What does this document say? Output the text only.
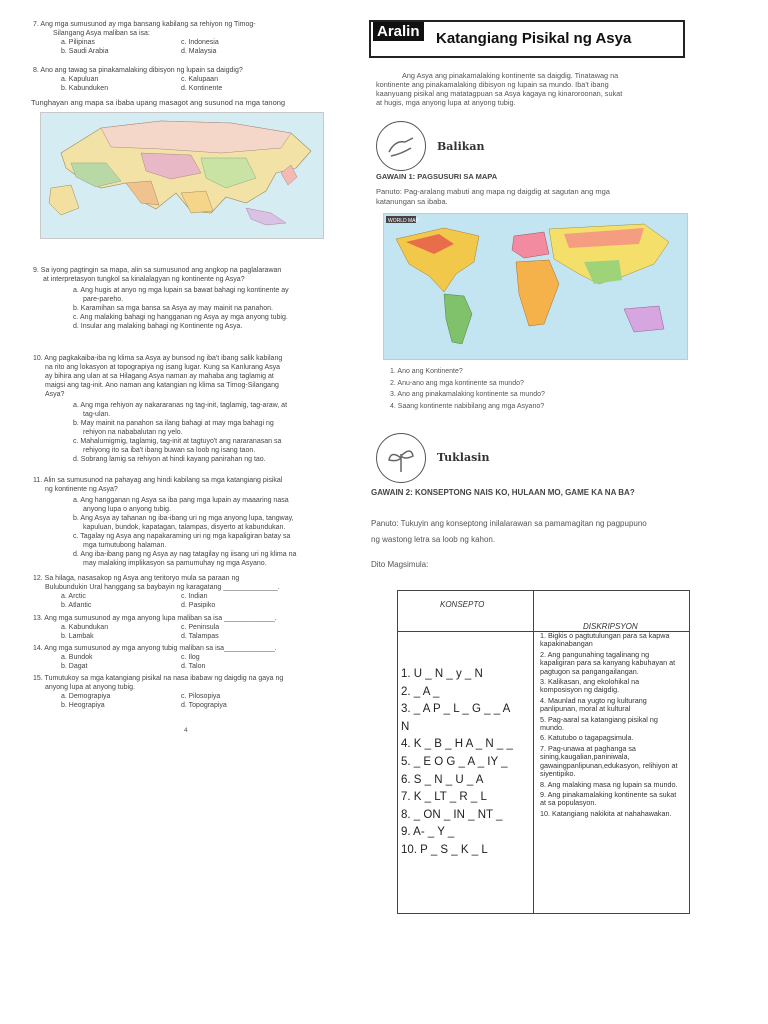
7. Ang mga sumusunod ay mga bansang kabilang sa rehiyon ng Timog-
Silangang Asya maliban sa isa:
a. Pilipinas	c. Indonesia
b. Saudi Arabia	d. Malaysia
8. Ano ang tawag sa pinakamalaking dibisyon ng lupain sa daigdig?
a. Kapuluan	c. Kalupaan
b. Kabunduken	d. Kontinente
Tunghayan ang mapa sa ibaba upang masagot ang susunod na mga tanong
9. Sa iyong pagtingin sa mapa, alin sa sumusunod ang angkop na paglalarawan
at interpretasyon tungkol sa kinalalagyan ng kontinente ng Asya?
a. Ang hugis at anyo ng mga lupain sa bawat bahagi ng kontinente ay
pare-pareho.
b. Karamihan sa mga bansa sa Asya ay may mainit na panahon.
c. Ang malaking bahagi ng hangganan ng Asya ay mga anyong tubig.
d. Insular ang malaking bahagi ng Kontinente ng Asya.
10. Ang pagkakaiba-iba ng klima sa Asya ay bunsod ng iba't ibang salik kabilang
na rito ang lokasyon at topograpiya ng isang lugar. Kung sa Kanlurang Asya
ay bihira ang ulan at sa Hilagang Asya naman ay mahaba ang taglamig at
maigsi ang tag-init. Ano naman ang katangian ng klima sa Timog-Silangang
Asya?
a. Ang mga rehiyon ay nakararanas ng tag-init, taglamig, tag-araw, at
tag-ulan.
b. May mainit na panahon sa ilang bahagi at may mga bahagi ng
rehiyon na nababalutan ng yelo.
c. Mahalumigmig, taglamig, tag-init at tagtuyo't ang nararanasan sa
rehiyong ito sa iba't ibang buwan sa loob ng isang taon.
d. Sobrang lamig sa rehiyon at hindi kayang panirahan ng tao.
11. Alin sa sumusunod na pahayag ang hindi kabilang sa mga katangiang pisikal
ng kontinente ng Asya?
a. Ang hangganan ng Asya sa iba pang mga lupain ay maaaring nasa
anyong lupa o anyong tubig.
b. Ang Asya ay tahanan ng iba-ibang uri ng mga anyong lupa, tangway,
kapuluan, bundok, kapatagan, talampas, disyerto at kabundukan.
c. Tagalay ng Asya ang napakaraming uri ng mga kapaligiran batay sa
mga tumutubong halaman.
d. Ang iba-ibang pang ng Asya ay nag tatagilay ng iisang uri ng klima na
may malaking implikasyon sa pamumuhay ng mga Asyano.
12. Sa hilaga, nasasakop ng Asya ang teritoryo mula sa paraan ng
Bulubundukin Ural hanggang sa baybayin ng karagatang ______________.
a. Arctic	c. Indian
b. Atlantic	d. Pasipiko
13. Ang mga sumusunod ay mga anyong lupa maliban sa isa _____________.
a. Kabundukan	c. Peninsula
b. Lambak	d. Talampas
14. Ang mga sumusunod ay mga anyong tubig maliban sa isa_____________.
a. Bundok	c. Ilog
b. Dagat	d. Talon
15. Tumutukoy sa mga katangiang pisikal na nasa ibabaw ng daigdig na gaya ng
anyong lupa at anyong tubig.
a. Demograpiya	c. Pilosopiya
b. Heograpiya	d. Topograpiya
4
Aralin Katangiang Pisikal ng Asya
Ang Asya ang pinakamalaking kontinente sa daigdig. Tinatawag na
kontinente ang pinakamalaking dibisyon ng lupain sa mundo. Iba't ibang
kaanyuang pisikal ang matatagpuan sa Asya kagaya ng kinaroroonan, sukat
at hugis, mga anyong lupa at anyong tubig.
Balikan
GAWAIN 1: PAGSUSURI SA MAPA
Panuto: Pag-aralang mabuti ang mapa ng daigdig at sagutan ang mga
katanungan sa ibaba.
WORLD MAP
1. Ano ang Kontinente?
2. Anu-ano ang mga kontinente sa mundo?
3. Ano ang pinakamalaking kontinente sa mundo?
4. Saang kontinente nabibilang ang mga Asyano?
Tuklasin
GAWAIN 2: KONSEPTONG NAIS KO, HULAAN MO, GAME KA NA BA?
Panuto: Tukuyin ang konseptong inilalarawan sa pamamagitan ng pagpupuno
ng wastong letra sa loob ng kahon.
Dito Magsimula:
KONSEPTO
DISKRIPSYON
1. U _ N _ y _ N
2. _ A _
3. _ A P _ L _ G _ _ A
N
4. K _ B _ H A _ N _ _
5. _ E O G _ A _ IY _
6. S _ N _ U _ A
7. K _ LT _ R _ L
8. _ ON _ IN _ NT _
9. A- _ Y _
10. P _ S _ K _ L
1. Bigkis o pagtutulungan para sa kapwa kapakinabangan
2. Ang pangunahing tagalinang ng kapaligiran para sa kanyang kabuhayan at pagtugon sa pangangailangan.
3. Kalikasan, ang ekolohikal na komposisyon ng daigdig.
4. Maunlad na yugto ng kulturang panlipunan, moral at kultural
5. Pag-aaral sa katangiang pisikal ng mundo.
6. Katutubo o tagapagsimula.
7. Pag-unawa at paghanga sa sining,kaugalian,paniniwala, gawaingpanlipunan,edukasyon, relihiyon at siyentipiko.
8. Ang malaking masa ng lupain sa mundo.
9. Ang pinakamalaking kontinente sa sukat at sa populasyon.
10. Katangiang nakikita at nahahawakan.
